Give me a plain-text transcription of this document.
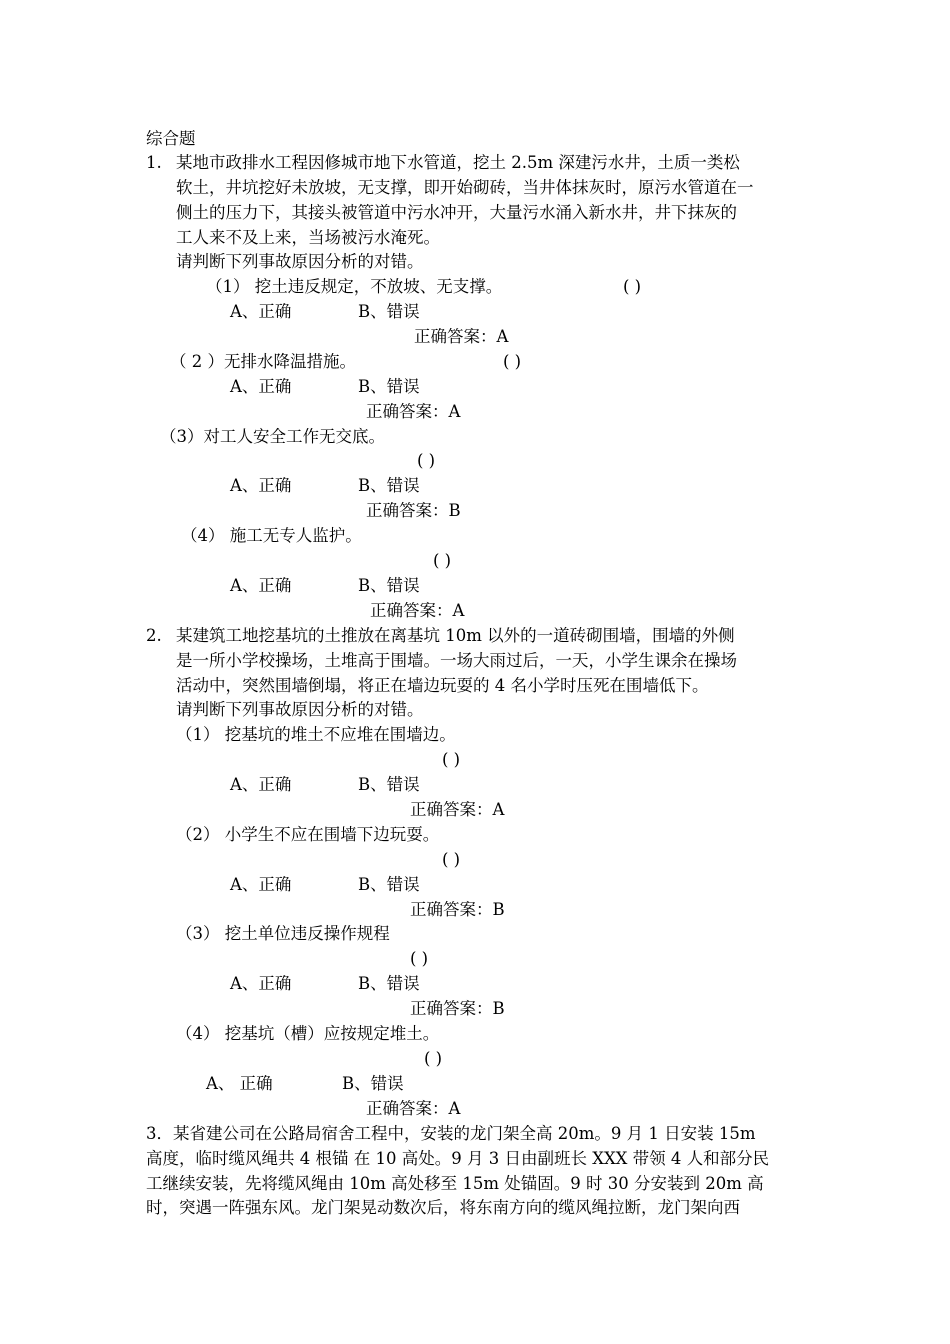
综合题
1. 某地市政排水工程因修城市地下水管道，挖土 2.5m 深建污水井，土质一类松
软土，井坑挖好未放坡，无支撑，即开始砌砖，当井体抹灰时，原污水管道在一
侧土的压力下，其接头被管道中污水冲开，大量污水涌入新水井，井下抹灰的
工人来不及上来，当场被污水淹死。
请判断下列事故原因分析的对错。
（1） 挖土违反规定，不放坡、无支撑。	( )
A、正确	B、错误
正确答案：A
（ 2 ）无排水降温措施。	( )
A、正确	B、错误
正确答案：A
（3）对工人安全工作无交底。
( )
A、正确	B、错误
正确答案：B
（4） 施工无专人监护。
( )
A、正确	B、错误
正确答案：A
2. 某建筑工地挖基坑的土推放在离基坑 10m 以外的一道砖砌围墙，围墙的外侧
是一所小学校操场，土堆高于围墙。一场大雨过后，一天，小学生课余在操场
活动中，突然围墙倒塌，将正在墙边玩耍的 4 名小学时压死在围墙低下。
请判断下列事故原因分析的对错。
（1） 挖基坑的堆土不应堆在围墙边。
( )
A、正确	B、错误
正确答案：A
（2） 小学生不应在围墙下边玩耍。
( )
A、正确	B、错误
正确答案：B
（3） 挖土单位违反操作规程
( )
A、正确	B、错误
正确答案：B
（4） 挖基坑（槽）应按规定堆土。
( )
A、 正确	B、错误
正确答案：A
3．某省建公司在公路局宿舍工程中，安装的龙门架全高 20m。9 月 1 日安装 15m
高度，临时缆风绳共 4 根锚 在 10 高处。9 月 3 日由副班长 XXX 带领 4 人和部分民
工继续安装，先将缆风绳由 10m 高处移至 15m 处锚固。9 时 30 分安装到 20m 高
时，突遇一阵强东风。龙门架晃动数次后，将东南方向的缆风绳拉断，龙门架向西
